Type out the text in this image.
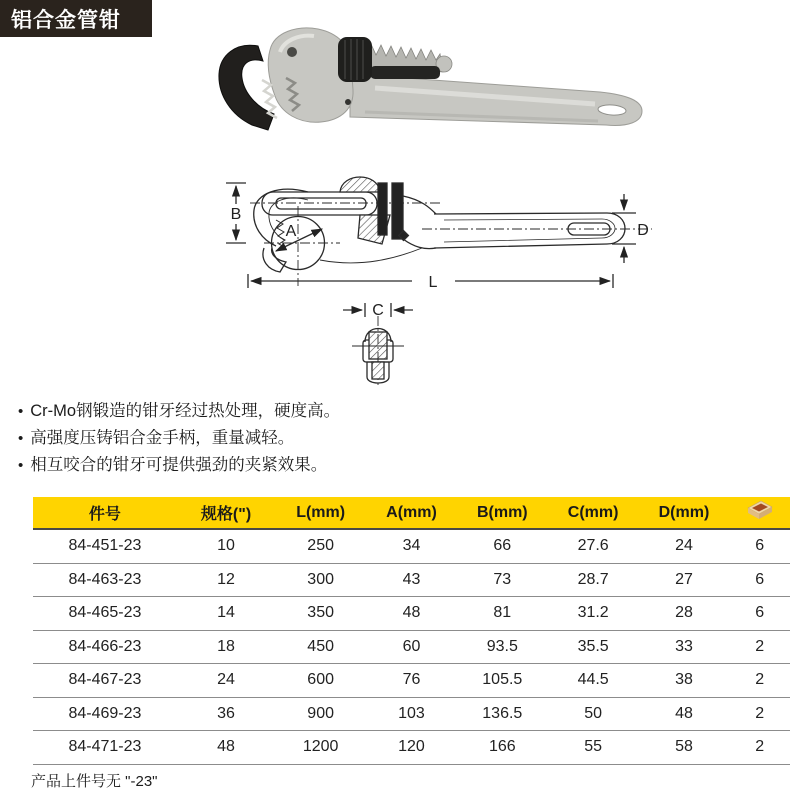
铝合金管钳
B
A
L
D
C
• Cr-Mo钢锻造的钳牙经过热处理，硬度高。
• 高强度压铸铝合金手柄，重量减轻。
• 相互咬合的钳牙可提供强劲的夹紧效果。
件号	规格(")	L(mm)	A(mm)	B(mm)	C(mm)	D(mm)	
84-451-23	10	250	34	66	27.6	24	6
84-463-23	12	300	43	73	28.7	27	6
84-465-23	14	350	48	81	31.2	28	6
84-466-23	18	450	60	93.5	35.5	33	2
84-467-23	24	600	76	105.5	44.5	38	2
84-469-23	36	900	103	136.5	50	48	2
84-471-23	48	1200	120	166	55	58	2
产品上件号无 "-23"
